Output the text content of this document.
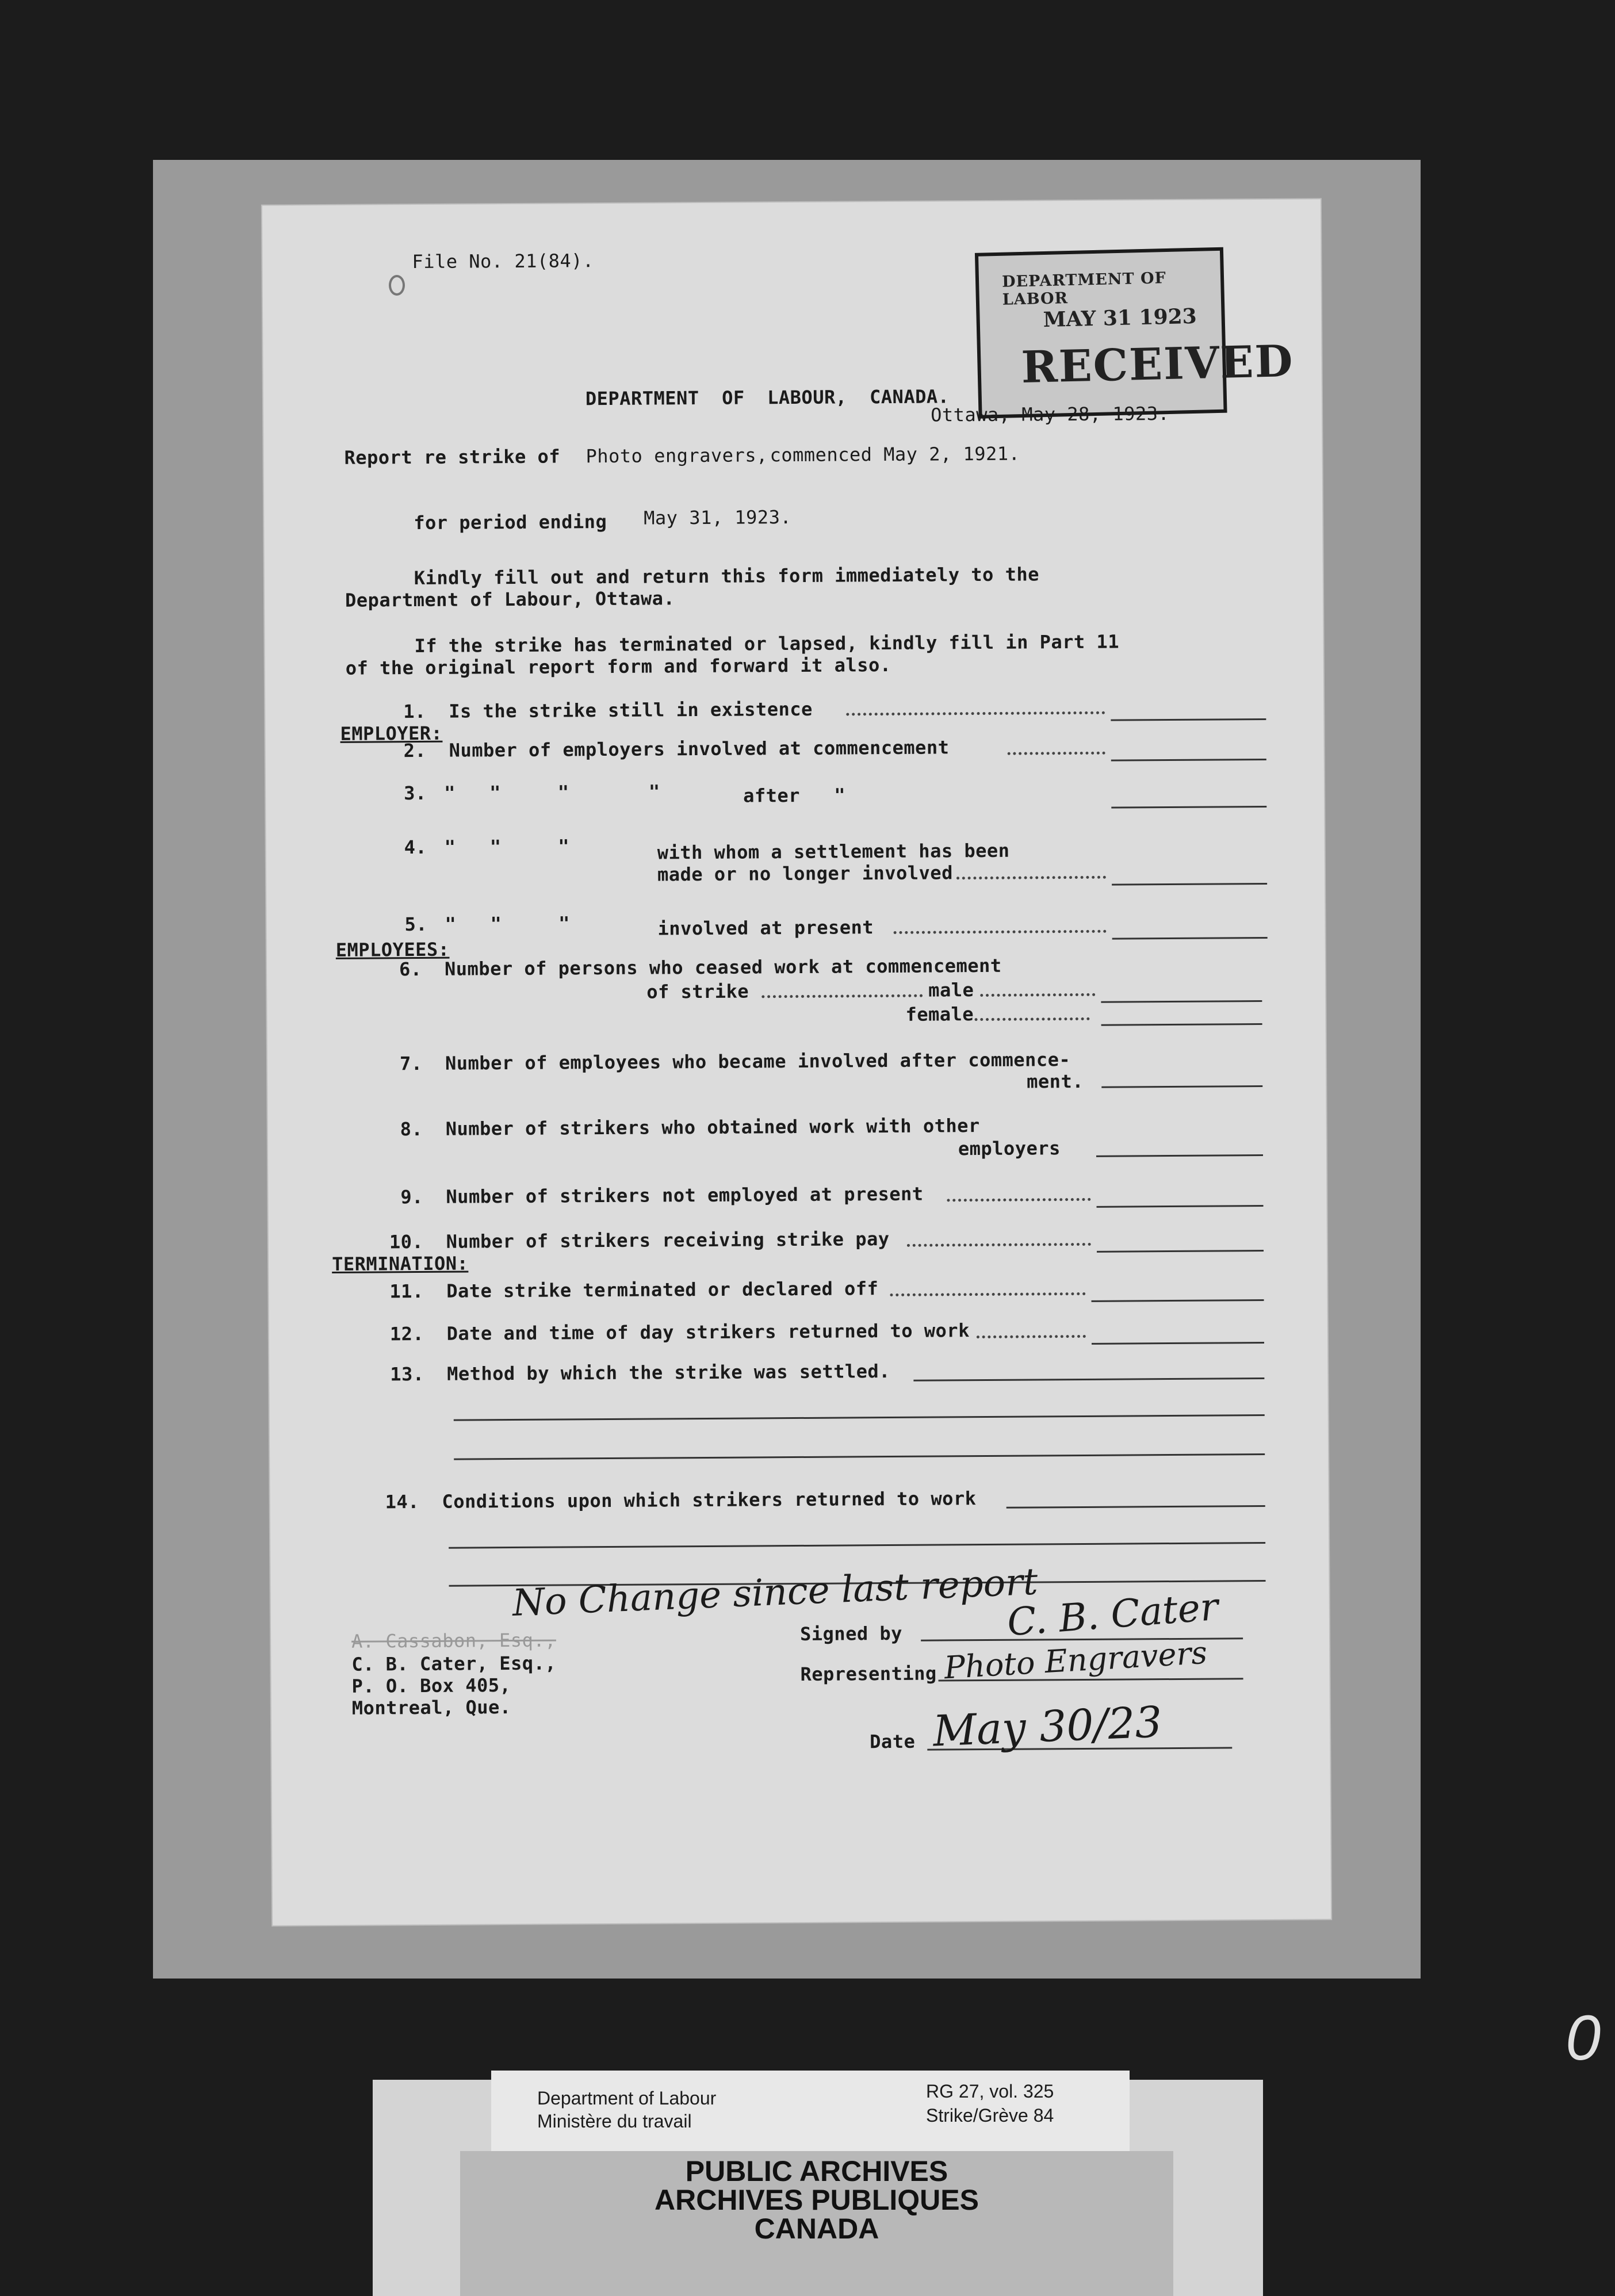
File No. 21(84).
DEPARTMENT OF LABOR
MAY 31 1923
RECEIVED
DEPARTMENT  OF  LABOUR,  CANADA.
Ottawa, May 28, 1923.
Report re strike of Photo engravers, commenced May 2, 1921.
for period ending May 31, 1923.
Kindly fill out and return this form immediately to the
Department of Labour, Ottawa.
If the strike has terminated or lapsed, kindly fill in Part 11
of the original report form and forward it also.
1.  Is the strike still in existence
EMPLOYER:
2.  Number of employers involved at commencement
3. "   "     "       "	after   "
4. "   "     "	with whom a settlement has been
made or no longer involved
5. "   "     "	involved at present
EMPLOYEES:
6.  Number of persons who ceased work at commencement
of strike	male
female
7.  Number of employees who became involved after commence-
ment.
8.  Number of strikers who obtained work with other
employers
9.  Number of strikers not employed at present
10.  Number of strikers receiving strike pay
TERMINATION:
11.  Date strike terminated or declared off
12.  Date and time of day strikers returned to work
13.  Method by which the strike was settled.
14.  Conditions upon which strikers returned to work
No Change since last report
Signed by	C. B. Cater
Representing Photo Engravers
Date May 30/23
A. Cassabon, Esq.,
C. B. Cater, Esq.,
P. O. Box 405,
Montreal, Que.
Department of Labour
Ministère du travail
RG 27, vol. 325
Strike/Grève 84
PUBLIC ARCHIVES
ARCHIVES PUBLIQUES
CANADA
0
